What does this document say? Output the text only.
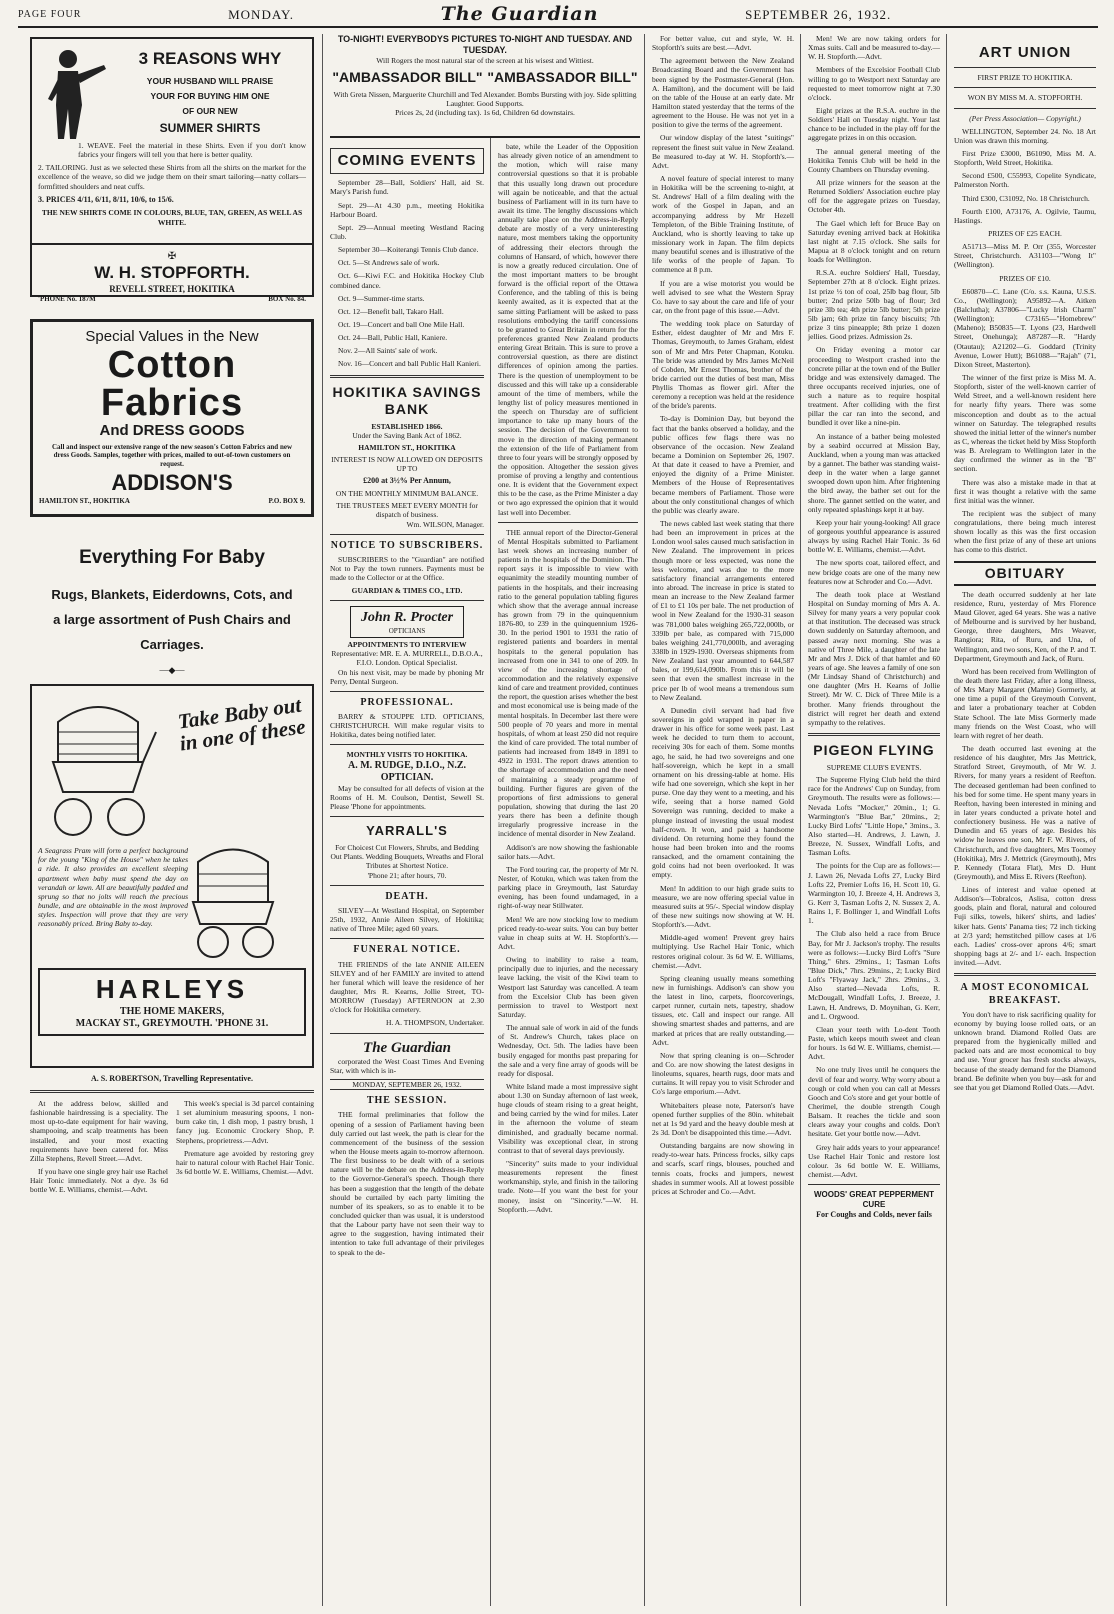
PAGE FOUR	MONDAY.	The Guardian	SEPTEMBER 26, 1932.
3 REASONS WHY
YOUR HUSBAND WILL PRAISE
YOUR FOR BUYING HIM ONE
OF OUR NEW
SUMMER SHIRTS

1. WEAVE. Feel the material in these Shirts. Even if you don't know fabrics your fingers will tell you that here is better quality.

2. TAILORING. Just as we selected these Shirts from all the shirts on the market for the excellence of the weave, so did we judge them on their smart tailoring—natty collars—formfitted shoulders and neat cuffs.

3. PRICES 4/11, 6/11, 8/11, 10/6, to 15/6.

THE NEW SHIRTS COME IN COLOURS, BLUE, TAN, GREEN, AS WELL AS WHITE.

✠
W. H. STOPFORTH.
REVELL STREET, HOKITIKA
'PHONE No. 187M	BOX No. 84.
Special Values in the New
Cotton
Fabrics
And DRESS GOODS

Call and inspect our extensive range of the new season's Cotton Fabrics and new dress Goods. Samples, together with prices, mailed to out-of-town customers on request.

ADDISON'S
HAMILTON ST., HOKITIKA	P.O. BOX 9.
Everything For Baby

Rugs, Blankets, Eiderdowns, Cots, and a large assortment of Push Chairs and Carriages.

—◆—
Take Baby out in one of these

A Seagrass Pram will form a perfect background for the young "King of the House" when he takes a ride. It also provides an excellent sleeping apartment when baby must spend the day on verandah or lawn. All are beautifully padded and sprung so that no jolts will reach the precious bundle, and are obtainable in the most improved styles. Inspection will prove that they are very reasonably priced. Bring Baby to-day.

HARLEYS
THE HOME MAKERS,
MACKAY ST., GREYMOUTH. 'PHONE 31.
A. S. ROBERTSON, Travelling Representative.

At the address below, skilled and fashionable hairdressing is a speciality. The most up-to-date equipment for hair waving, shampooing, and scalp treatments has been installed, and your most exacting requirements have been catered for. Miss Zilla Stephens, Revell Street.—Advt.

If you have one single grey hair use Rachel Hair Tonic immediately. Not a dye. 3s 6d bottle W. E. Williams, chemist.—Advt.

This week's special is 3d parcel containing 1 set aluminium measuring spoons, 1 non-burn cake tin, 1 dish mop, 1 pastry brush, 1 fancy jug. Economic Crockery Shop, P. Stephens, proprietress.—Advt.

Premature age avoided by restoring grey hair to natural colour with Rachel Hair Tonic. 3s 6d bottle W. E. Williams, Chemist.—Advt.

TO-NIGHT! EVERYBODYS PICTURES TO-NIGHT AND TUESDAY. AND TUESDAY.
Will Rogers the most natural star of the screen at his wisest and Wittiest.
"AMBASSADOR BILL" "AMBASSADOR BILL"
With Greta Nissen, Marguerite Churchill and Ted Alexander. Bombs Bursting with joy. Side splitting Laughter. Good Supports.
Prices 2s, 2d (including tax). 1s 6d, Children 6d downstairs.
COMING EVENTS

September 28—Ball, Soldiers' Hall, aid St. Mary's Parish fund.

Sept. 29—At 4.30 p.m., meeting Hokitika Harbour Board.

Sept. 29—Annual meeting Westland Racing Club.

September 30—Koiterangi Tennis Club dance.

Oct. 5—St Andrews sale of work.

Oct. 6—Kiwi F.C. and Hokitika Hockey Club combined dance.

Oct. 9—Summer-time starts.

Oct. 12—Benefit ball, Takaro Hall.

Oct. 19—Concert and ball One Mile Hall.

Oct. 24—Ball, Public Hall, Kaniere.

Nov. 2—All Saints' sale of work.

Nov. 16—Concert and ball Public Hall Kanieri.

HOKITIKA SAVINGS BANK
ESTABLISHED 1866.
Under the Saving Bank Act of 1862.
HAMILTON ST., HOKITIKA
INTEREST IS NOW ALLOWED ON DEPOSITS UP TO
£200 at 3½% Per Annum,
ON THE MONTHLY MINIMUM BALANCE.
THE TRUSTEES MEET EVERY MONTH for dispatch of business.
Wm. WILSON, Manager.
NOTICE TO SUBSCRIBERS.

SUBSCRIBERS to the "Guardian" are notified Not to Pay the town runners. Payments must be made to the Collector or at the Office.

GUARDIAN & TIMES CO., LTD.
John R. Procter
OPTICIANS
APPOINTMENTS TO INTERVIEW
Representative: MR. E. A. MURRELL, D.B.O.A., F.I.O. London. Optical Specialist.

On his next visit, may be made by phoning Mr Perry, Dental Surgeon.

PROFESSIONAL.

BARRY & STOUPPE LTD. OPTICIANS, CHRISTCHURCH. Will make regular visits to Hokitika, dates being notified later.

MONTHLY VISITS TO HOKITIKA.
A. M. RUDGE, D.I.O., N.Z. OPTICIAN.

May be consulted for all defects of vision at the Rooms of H. M. Coulson, Dentist, Sewell St. Please 'Phone for appointments.

YARRALL'S
For Choicest Cut Flowers, Shrubs, and Bedding Out Plants. Wedding Bouquets, Wreaths and Floral Tributes at Shortest Notice.
'Phone 21; after hours, 70.
DEATH.

SILVEY—At Westland Hospital, on September 25th, 1932, Annie Aileen Silvey, of Hokitika; native of Three Mile; aged 60 years.

FUNERAL NOTICE.

THE FRIENDS of the late ANNIE AILEEN SILVEY and of her FAMILY are invited to attend her funeral which will leave the residence of her daughter, Mrs R. Kearns, Jollie Street, TO-MORROW (Tuesday) AFTERNOON at 2.30 o'clock for Hokitika cemetery.

H. A. THOMPSON, Undertaker.
The Guardian

corporated the West Coast Times And Evening Star, with which is in-

MONDAY, SEPTEMBER 26, 1932.
THE SESSION.

THE formal preliminaries that follow the opening of a session of Parliament having been duly carried out last week, the path is clear for the commencement of the business of the session when the House meets again to-morrow afternoon. The first business to be dealt with of a serious nature will be the debate on the Address-in-Reply to the Governor-General's speech. Though there has been a suggestion that the length of the debate should be curtailed by each party limiting the number of its speakers, so as to enable it to be concluded quicker than was usual, it is understood that the Labour party have not seen their way to agree to the suggestion, having intimated their intention to take full advantage of their privileges to speak to the de-

bate, while the Leader of the Opposition has already given notice of an amendment to the motion, which will raise many controversial questions so that it is probable that this usually long drawn out procedure will again be noticeable, and that the actual business of Parliament will in its turn have to await its time. The lengthy discussions which annually take place on the Address-in-Reply debate are mostly of a very uninteresting nature, most members taking the opportunity of addressing their electors through the columns of Hansard, of which, however there is now a greatly reduced circulation. One of the most important matters to be brought forward is the official report of the Ottawa Conference, and the tabling of this is being keenly awaited, as it is expected that at the same sitting Parliament will be asked to pass resolutions embodying the tariff concessions to be granted to Great Britain in return for the preferences granted New Zealand products entering Great Britain. This is sure to prove a controversial question, as there are distinct differences of opinion among the parties. There is the question of unemployment to be discussed and this will take up a considerable amount of the time of members, while the lengthy list of policy measures mentioned in the speech on Thursday are of sufficient importance to take up many hours of the session. The decision of the Government to move in the direction of making permanent the extension of the life of Parliament from three to four years will be strongly opposed by the opposition. Altogether the session gives promise of proving a lengthy and contentious one. It is evident that the Government expect this to be the case, as the Prime Minister a day or two ago expressed the opinion that it would last well into December.

THE annual report of the Director-General of Mental Hospitals submitted to Parliament last week shows an increasing number of patients in the hospitals of the Dominion. The report says it is impossible to view with equanimity the steadily mounting number of patients in the hospitals, and their increasing ratio to the general population tabling figures which show that the average annual increase has grown from 79 in the quinquennium 1876-80, to 239 in the quinquennium 1926-30. In the period 1901 to 1931 the ratio of registered patients and boarders in mental hospitals to the general population has increased from one in 341 to one of 209. In view of the increasing shortage of accommodation and the relatively expensive kind of care and treatment provided, continues the report, the question arises whether the best and most economical use is being made of the mental hospitals. In December last there were 500 people of 70 years and more in mental hospitals, of whom at least 250 did not require the kind of care provided. The total number of patients had increased from 1849 in 1891 to 4922 in 1931. The report draws attention to the shortage of accommodation and the need of maintaining a steady programme of building. Further figures are given of the proportions of first admissions to general population, showing that during the last 20 years there has been a definite though irregularly progressive increase in the incidence of mental disorder in New Zealand.

Addison's are now showing the fashionable sailor hats.—Advt.

The Ford touring car, the property of Mr N. Nester, of Kotuku, which was taken from the parking place in Greymouth, last Saturday evening, has been found undamaged, in a right-of-way near Stillwater.

Men! We are now stocking low to medium priced ready-to-wear suits. You can buy better value in cheap suits at W. H. Stopforth's.—Advt.

Owing to inability to raise a team, principally due to injuries, and the necessary leave lacking, the visit of the Kiwi team to Westport last Saturday was cancelled. A team from the Excelsior Club has been given permission to travel to Westport next Saturday.

The annual sale of work in aid of the funds of St. Andrew's Church, takes place on Wednesday, Oct. 5th. The ladies have been busily engaged for months past preparing for the sale and a very fine array of goods will be ready for disposal.

White Island made a most impressive sight about 1.30 on Sunday afternoon of last week, huge clouds of steam rising to a great height, and being carried by the wind for miles. Later in the afternoon the volume of steam diminished, and gradually became normal. Visibility was exceptional clear, in strong contrast to that of several days previously.

"Sincerity" suits made to your individual measurements represent the finest workmanship, style, and finish in the tailoring trade. Note—If you want the best for your money, insist on "Sincerity."—W. H. Stopforth.—Advt.

For better value, cut and style, W. H. Stopforth's suits are best.—Advt.

The agreement between the New Zealand Broadcasting Board and the Government has been signed by the Postmaster-General (Hon. A. Hamilton), and the document will be laid on the table of the House at an early date. Mr Hamilton stated yesterday that the terms of the agreement to the House. He was not yet in a position to give the terms of the agreement.

Our window display of the latest "suitings" represent the finest suit value in New Zealand. Be measured to-day at W. H. Stopforth's.—Advt.

A novel feature of special interest to many in Hokitika will be the screening to-night, at St. Andrews' Hall of a film dealing with the work of the Gospel in Japan, and an accompanying address by Mr Hezell Templeton, of the Bible Training Institute, of Auckland, who is shortly leaving to take up missionary work in Japan. The film depicts many beautiful scenes and is illustrative of the life works of the people of Japan. To commence at 8 p.m.

If you are a wise motorist you would be well advised to see what the Western Spray Co. have to say about the care and life of your car, on the front page of this issue.—Advt.

The wedding took place on Saturday of Esther, eldest daughter of Mr and Mrs F. Thomas, Greymouth, to James Graham, eldest son of Mr and Mrs Peter Chapman, Kotuku. The bride was attended by Mrs James McNeil of Cobden, Mr Ernest Thomas, brother of the bride carried out the duties of best man, Miss Phyllis Thomas as flower girl. After the ceremony a reception was held at the residence of the bride's parents.

To-day is Dominion Day, but beyond the fact that the banks observed a holiday, and the public offices few flags there was no observance of the occasion. New Zealand became a Dominion on September 26, 1907. At that date it ceased to have a Premier, and enjoyed the dignity of a Prime Minister. Members of the House of Representatives became members of Parliament. Those were about the only constitutional changes of which the public was clearly aware.

The news cabled last week stating that there had been an improvement in prices at the London wool sales caused much satisfaction in New Zealand. The improvement in prices though more or less expected, was none the less welcome, and was due to the more satisfactory financial arrangements entered into abroad. The increase in price is stated to mean an increase to the New Zealand farmer of £1 to £1 10s per bale. The net production of wool in New Zealand for the 1930-31 season was 781,000 bales weighing 265,722,000lb, or 339lb per bale, as compared with 715,000 bales weighing 241,770,000lb, and averaging 338lb in 1929-1930. Overseas shipments from New Zealand last year amounted to 644,587 bales, or 199,614,090lb. From this it will be seen that even the smallest increase in the price per lb of wool means a tremendous sum to New Zealand.

A Dunedin civil servant had had five sovereigns in gold wrapped in paper in a drawer in his office for some week past. Last week he decided to turn them to account, receiving 30s for each of them. Some months ago, he said, he had two sovereigns and one half-sovereign, which he kept in a small ornament on his dressing-table at home. His wife had one sovereign, which she kept in her purse. One day they went to a meeting, and his wife, seeing that a horse named Gold Sovereign was running, decided to make a plunge instead of investing the usual modest half-crown. It won, and paid a handsome dividend. On returning home they found the house had been broken into and the rooms ransacked, and the ornament containing the gold coins had not been overlooked. It was empty.

Men! In addition to our high grade suits to measure, we are now offering special value in measured suits at 95/-. Special window display of these new suitings now showing at W. H. Stopforth's.—Advt.

Middle-aged women! Prevent grey hairs multiplying. Use Rachel Hair Tonic, which restores original colour. 3s 6d W. E. Williams, chemist.—Advt.

Spring cleaning usually means something new in furnishings. Addison's can show you the latest in lino, carpets, floorcoverings, carpet runner, curtain nets, tapestry, shadow tissues, etc. Call and inspect our range. All showing smartest shades and patterns, and are marked at prices that are really outstanding.—Advt.

Now that spring cleaning is on—Schroder and Co. are now showing the latest designs in linoleums, squares, hearth rugs, door mats and curtains. It will repay you to visit Schroder and Co's large emporium.—Advt.

Whitebaiters please note, Paterson's have opened further supplies of the 80in. whitebait net at 1s 9d yard and the heavy double mesh at 2s 3d. Don't be disappointed this time.—Advt.

Outstanding bargains are now showing in ready-to-wear hats. Princess frocks, silky caps and scarfs, scarf rings, blouses, pouched and tennis coats, frocks and jumpers, newest shades in summer wools. All at lowest possible prices at Schroder and Co.—Advt.

Men! We are now taking orders for Xmas suits. Call and be measured to-day.—W. H. Stopforth.—Advt.

Members of the Excelsior Football Club willing to go to Westport next Saturday are requested to meet tomorrow night at 7.30 o'clock.

Eight prizes at the R.S.A. euchre in the Soldiers' Hall on Tuesday night. Your last chance to be included in the play off for the aggregate prizes in on this occasion.

The annual general meeting of the Hokitika Tennis Club will be held in the County Chambers on Thursday evening.

All prize winners for the season at the Returned Soldiers' Association euchre play off for the aggregate prizes on Tuesday, October 4th.

The Gael which left for Bruce Bay on Saturday evening arrived back at Hokitika last night at 7.15 o'clock. She sails for Mapua at 8 o'clock tonight and on return loads for Wellington.

R.S.A. euchre Soldiers' Hall, Tuesday, September 27th at 8 o'clock. Eight prizes. 1st prize ½ ton of coal, 25lb bag flour, 5lb butter; 2nd prize 50lb bag of flour; 3rd prize 3lb tea; 4th prize 5lb butter; 5th prize 5lb jam; 6th prize tin fancy biscuits; 7th prize 3 tins pineapple; 8th prize 1 dozen jellies. Good prizes. Admission 2s.

On Friday evening a motor car proceeding to Westport crashed into the concrete pillar at the town end of the Buller bridge and was extensively damaged. The three occupants received injuries, one of such a nature as to require hospital treatment. After colliding with the first pillar the car ran into the second, and bundled it over like a nine-pin.

An instance of a bather being molested by a seabird occurred at Mission Bay, Auckland, when a young man was attacked by a gannet. The bather was standing waist-deep in the water when a large gannet swooped down upon him. After frightening the bird away, the bather set out for the shore. The gannet settled on the water, and only repeated splashings kept it at bay.

Keep your hair young-looking! All grace of gorgeous youthful appearance is assured always by using Rachel Hair Tonic. 3s 6d bottle W. E. Williams, chemist.—Advt.

The new sports coat, tailored effect, and new bridge coats are one of the many new features now at Schroder and Co.—Advt.

The death took place at Westland Hospital on Sunday morning of Mrs A. A. Silvey for many years a very popular cook at that institution. The deceased was struck down suddenly on Saturday afternoon, and passed away next morning. She was a native of Three Mile, a daughter of the late Mr and Mrs J. Dick of that hamlet and 60 years of age. She leaves a family of one son (Mr Lindsay Shand of Christchurch) and one daughter (Mrs H. Kearns of Jollie Street). Mr W. C. Dick of Three Mile is a brother. Many friends throughout the district will regret her death and extend sympathy to the relatives.

PIGEON FLYING
SUPREME CLUB'S EVENTS.

The Supreme Flying Club held the third race for the Andrews' Cup on Sunday, from Greymouth. The results were as follows:—Nevada Lofts "Mocker," 20min., 1; G. Warmington's "Blue Bar," 20mins., 2; Lucky Bird Lofts' "Little Hope," 3mins., 3. Also started—H. Andrews, J. Lawn, J. Breeze, N. Sussex, Windfall Lofts, and Tasman Lofts.

The points for the Cup are as follows:—J. Lawn 26, Nevada Lofts 27, Lucky Bird Lofts 22, Premier Lofts 16, H. Scott 10, G. Warmington 10, J. Breeze 4, H. Andrews 3, G. Kerr 3, Tasman Lofts 2, N. Sussex 2, A. Rains 1, F. Bollinger 1, and Windfall Lofts 1.

The Club also held a race from Bruce Bay, for Mr J. Jackson's trophy. The results were as follows:—Lucky Bird Loft's "Sure Thing," 6hrs. 29mins., 1; Tasman Lofts "Blue Dick," 7hrs. 29mins., 2; Lucky Bird Loft's "Flyaway Jack," 2hrs. 29mins., 3. Also started—Nevada Lofts, R. McDougall, Windfall Lofts, J. Breeze, J. Lawn, H. Andrews, D. Moynihan, G. Kerr, and L. Orgwood.

Clean your teeth with Lo-dent Tooth Paste, which keeps mouth sweet and clean for hours. 1s 6d W. E. Williams, chemist.—Advt.

No one truly lives until he conquers the devil of fear and worry. Why worry about a cough or cold when you can call at Messrs Gooch and Co's store and get your bottle of Cherimel, the double strength Cough Balsam. It reaches the tickle and soon clears away your coughs and colds. Don't hesitate. Get your bottle now.—Advt.

Grey hair adds years to your appearance! Use Rachel Hair Tonic and restore lost colour. 3s 6d bottle W. E. Williams, chemist.—Advt.

WOODS' GREAT PEPPERMENT CURE
For Coughs and Colds, never fails
ART UNION
FIRST PRIZE TO HOKITIKA.
WON BY MISS M. A. STOPFORTH.
(Per Press Association— Copyright.)

WELLINGTON, September 24. No. 18 Art Union was drawn this morning.

First Prize £3000, B61090, Miss M. A. Stopforth, Weld Street, Hokitika.

Second £500, C55993, Copelite Syndicate, Palmerston North.

Third £300, C31092, No. 18 Christchurch.

Fourth £100, A73176, A. Ogilvie, Taumu, Hastings.

PRIZES OF £25 EACH.

A51713—Miss M. P. Orr (355, Worcester Street, Christchurch. A31103—"Wong It" (Wellington).

PRIZES OF £10.

E60870—C. Lane (C/o. s.s. Kauna, U.S.S. Co., (Wellington); A95892—A. Aitken (Balclutha); A37806—"Lucky Irish Charm" (Wellington); C73165—"Homebrew" (Maheno); B50835—T. Lyons (23, Hardwell Street, Onehunga); A87287—R. "Hardy (Otautau); A21202—G. Goddard (Trinity Avenue, Lower Hutt); B61088—"Rajah" (71, Dixon Street, Masterton).

The winner of the first prize is Miss M. A. Stopforth, sister of the well-known carrier of Weld Street, and a well-known resident here for nearly fifty years. There was some misconception and doubt as to the actual winner on Saturday. The telegraphed results showed the initial letter of the winner's number as C, whereas the ticket held by Miss Stopforth was B. Arelegram to Wellington later in the day confirmed the winner as in the "B" section.

There was also a mistake made in that at first it was thought a relative with the same first initial was the winner.

The recipient was the subject of many congratulations, there being much interest shown locally as this was the first occasion when the first prize of any of these art unions has come to this district.

OBITUARY

The death occurred suddenly at her late residence, Ruru, yesterday of Mrs Florence Maud Glover, aged 64 years. She was a native of Melbourne and is survived by her husband, George, three daughters, Mrs Weaver, Rangiora; Rita, of Ruru, and Una, of Wellington, and two sons, Ken, of the P. and T. Department, Greymouth and Jack, of Ruru.

Word has been received from Wellington of the death there last Friday, after a long illness, of Mrs Mary Margaret (Mamie) Gormerly, at one time a pupil of the Greymouth Convent, and later a probationary teacher at Cobden State School. The late Miss Gormerly made many friends on the West Coast, who will learn with regret of her death.

The death occurred last evening at the residence of his daughter, Mrs Jas Mettrick, Stratford Street, Greymouth, of Mr W. J. Rivers, for many years a resident of Reefton. The deceased gentleman had been confined to his bed for some time. He spent many years in Reefton, having been interested in mining and in later years conducted a private hotel and confectionery business. He was a native of Dunedin and 65 years of age. Besides his widow he leaves one son, Mr F. W. Rivers, of Christchurch, and five daughters, Mrs Toomey (Hokitika), Mrs J. Mettrick (Greymouth), Mrs P. Kennedy (Totara Flat), Mrs D. Hunt (Greymouth), and Miss E. Rivers (Reefton).

Lines of interest and value opened at Addison's—Tobralcos, Aslisa, cotton dress goods, plain and floral, natural and coloured Fuji silks, towels, hikers' shirts, and ladies' kiker hats. Gents' Panama ties; 72 inch ticking at 2/3 yard; hemstitched pillow cases at 1/6 each. Ladies' cross-over aprons 4/6; smart shopping bags at 2/- and 1/- each. Inspection invited.—Advt.

A MOST ECONOMICAL BREAKFAST.

You don't have to risk sacrificing quality for economy by buying loose rolled oats, or an unknown brand. Diamond Rolled Oats are prepared from the hygienically milled and packed oats and are most economical to buy and use. Your grocer has fresh stocks always, because of the steady demand for the Diamond brand. Be definite when you buy—ask for and see that you get Diamond Rolled Oats.—Advt.
